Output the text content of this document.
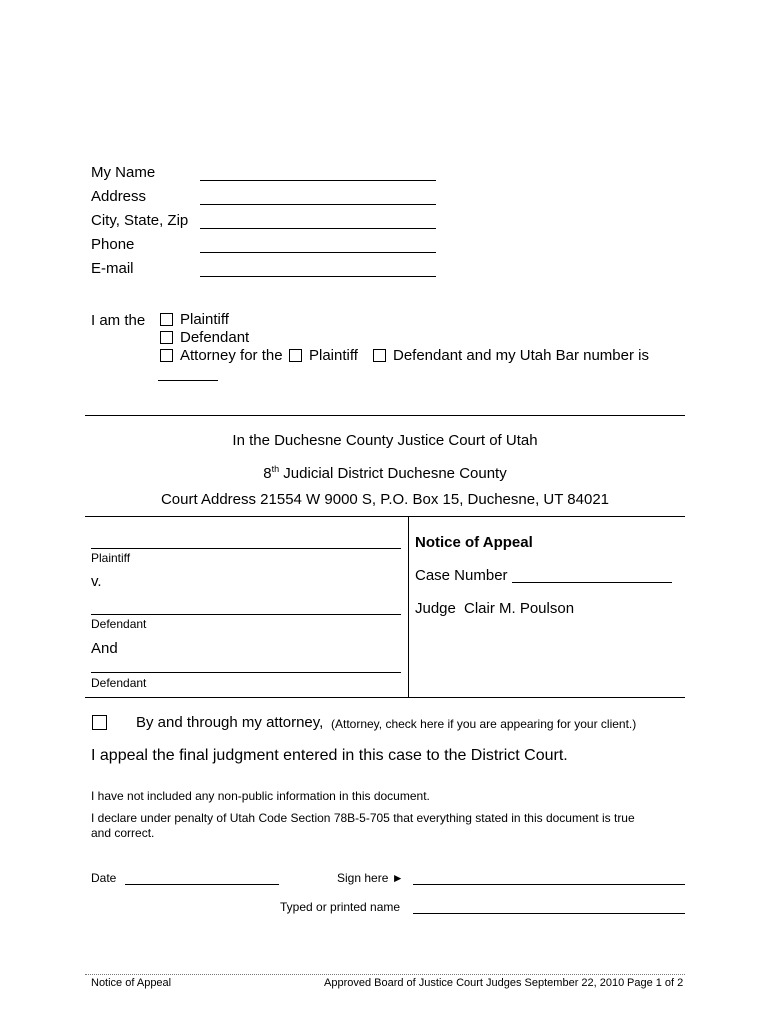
My Name
Address
City, State, Zip
Phone
E-mail
I am the Plaintiff
Defendant
Attorney for the Plaintiff Defendant and my Utah Bar number is
In the Duchesne County Justice Court of Utah
8th Judicial District Duchesne County
Court Address 21554 W 9000 S, P.O. Box 15, Duchesne, UT 84021
Plaintiff
v.
Defendant
And
Defendant
Notice of Appeal
Case Number
Judge Clair M. Poulson
By and through my attorney, (Attorney, check here if you are appearing for your client.)
I appeal the final judgment entered in this case to the District Court.
I have not included any non-public information in this document.
I declare under penalty of Utah Code Section 78B-5-705 that everything stated in this document is true
and correct.
Date	Sign here ►
Typed or printed name
Notice of Appeal	Approved Board of Justice Court Judges September 22, 2010 Page 1 of 2
